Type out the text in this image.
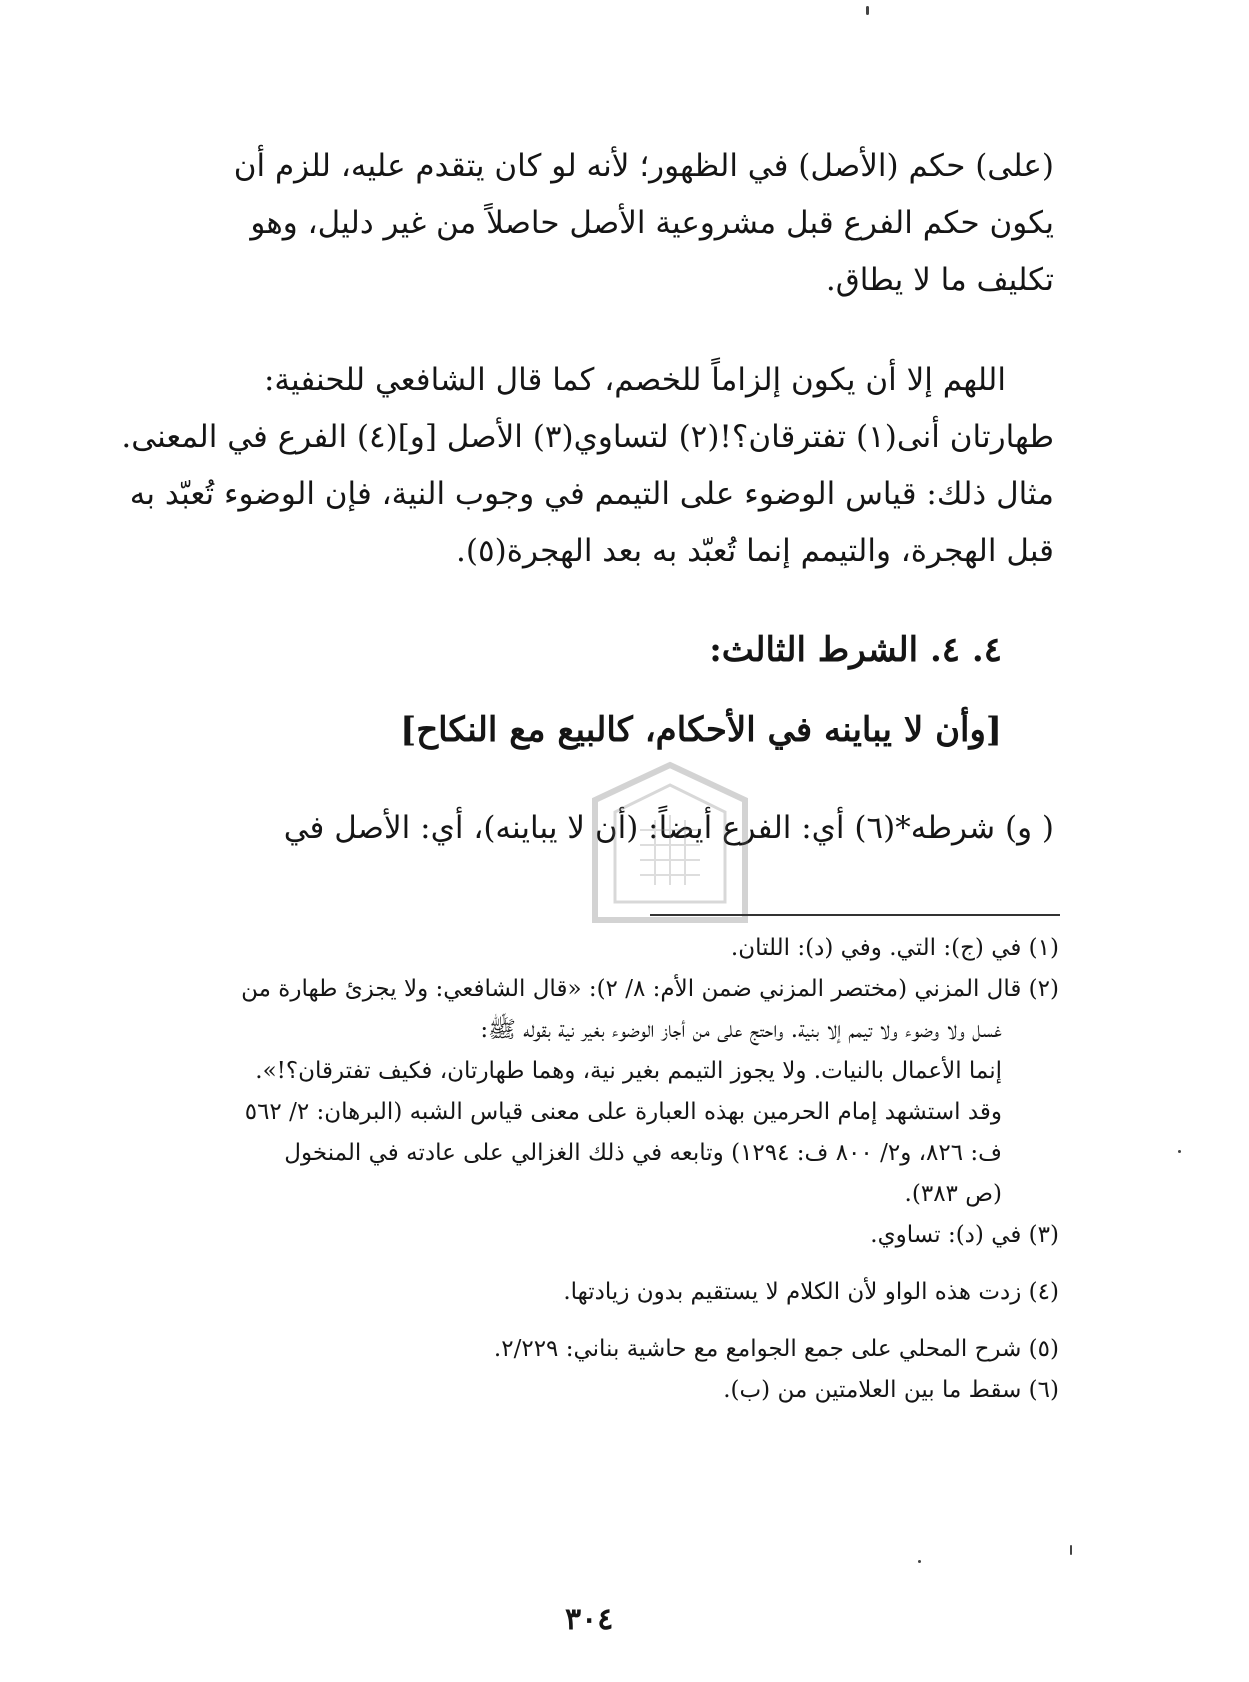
(على) حكم (الأصل) في الظهور؛ لأنه لو كان يتقدم عليه، للزم أن
يكون حكم الفرع قبل مشروعية الأصل حاصلاً من غير دليل، وهو
تكليف ما لا يطاق.
اللهم إلا أن يكون إلزاماً للخصم، كما قال الشافعي للحنفية:
طهارتان أنى(١) تفترقان؟!(٢) لتساوي(٣) الأصل [و](٤) الفرع في المعنى.
مثال ذلك: قياس الوضوء على التيمم في وجوب النية، فإن الوضوء تُعبّد به
قبل الهجرة، والتيمم إنما تُعبّد به بعد الهجرة(٥).
٤. ٤. الشرط الثالث:
[وأن لا يباينه في الأحكام، كالبيع مع النكاح]
( و) شرطه*(٦) أي: الفرع أيضاً: (أن لا يباينه)، أي: الأصل في
(١) في (ج): التي. وفي (د): اللتان.
(٢) قال المزني (مختصر المزني ضمن الأم: ٨/ ٢): «قال الشافعي: ولا يجزئ طهارة من
غسل ولا وضوء ولا تيمم إلا بنية. واحتج على من أجاز الوضوء بغير نية بقوله ﷺ:
إنما الأعمال بالنيات. ولا يجوز التيمم بغير نية، وهما طهارتان، فكيف تفترقان؟!».
وقد استشهد إمام الحرمين بهذه العبارة على معنى قياس الشبه (البرهان: ٢/ ٥٦٢
ف: ٨٢٦، و٢/ ٨٠٠ ف: ١٢٩٤) وتابعه في ذلك الغزالي على عادته في المنخول
(ص ٣٨٣).
(٣) في (د): تساوي.
(٤) زدت هذه الواو لأن الكلام لا يستقيم بدون زيادتها.
(٥) شرح المحلي على جمع الجوامع مع حاشية بناني: ٢/٢٢٩.
(٦) سقط ما بين العلامتين من (ب).
٣٠٤
